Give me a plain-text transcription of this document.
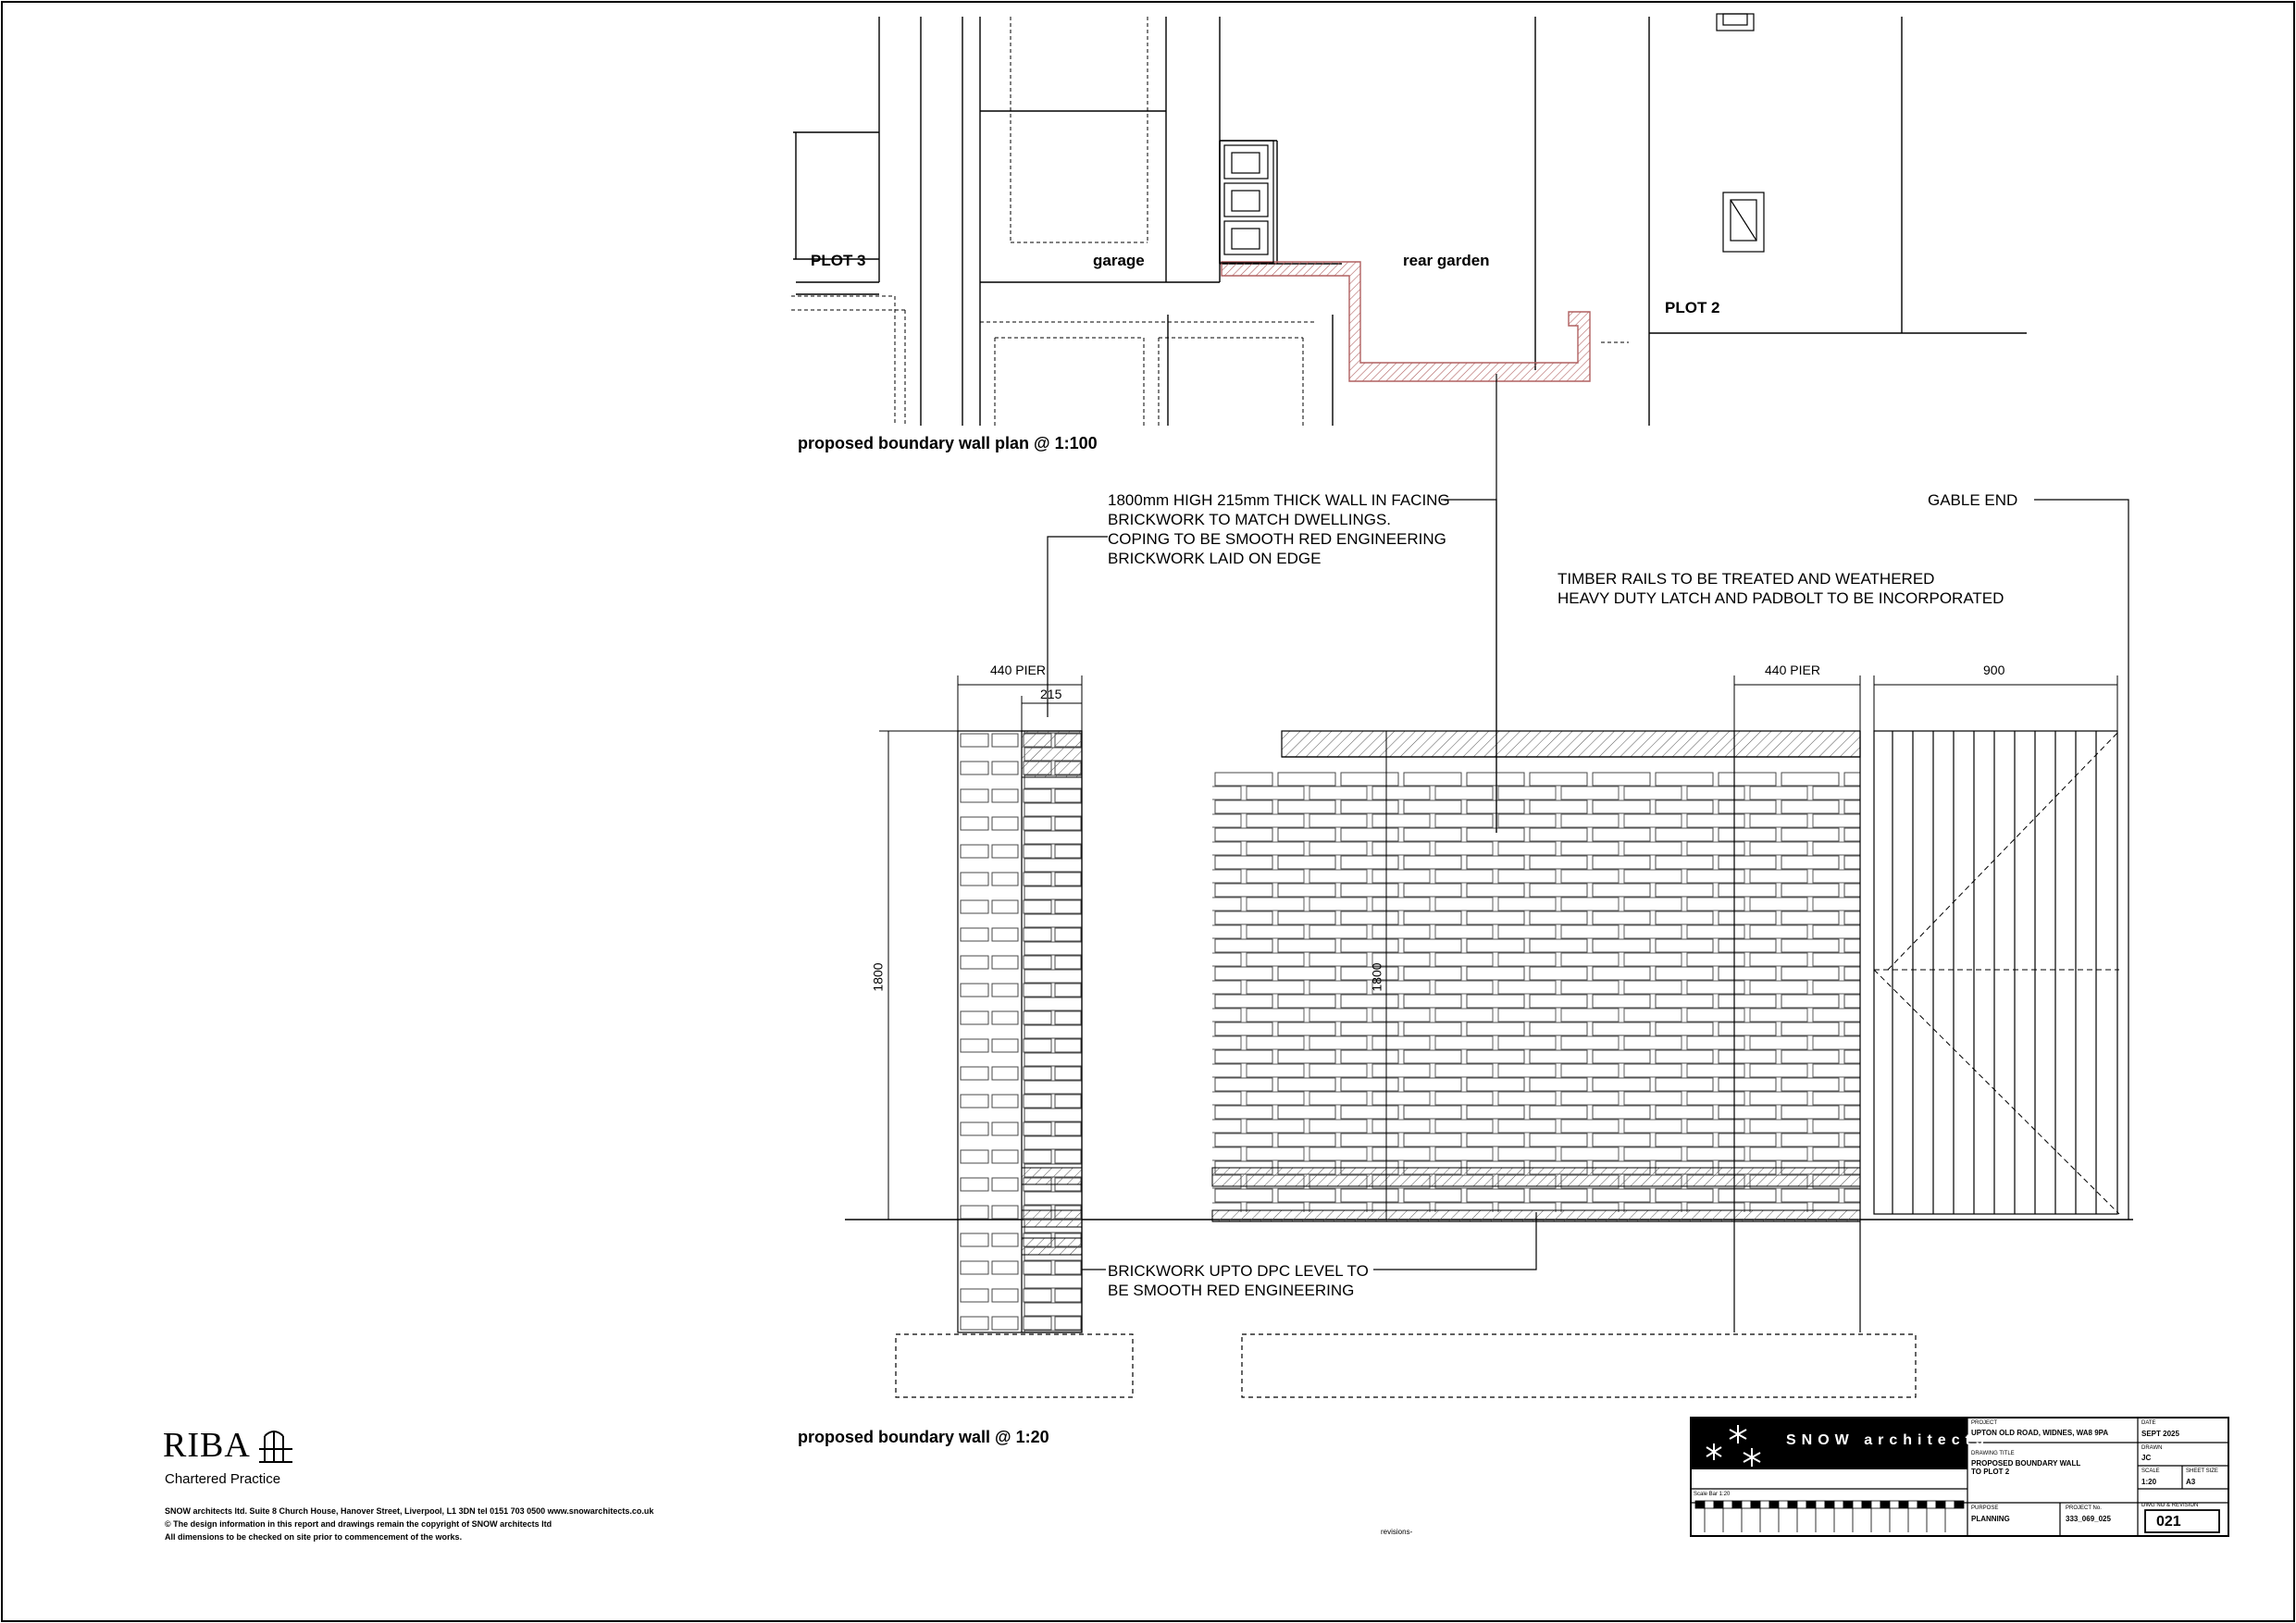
PLOT 3	garage	rear garden
PLOT 2
proposed boundary wall plan @ 1:100
1800mm HIGH 215mm THICK WALL IN FACING
BRICKWORK TO MATCH DWELLINGS.
COPING TO BE SMOOTH RED ENGINEERING
BRICKWORK LAID ON EDGE
GABLE END
TIMBER RAILS TO BE TREATED AND WEATHERED
HEAVY DUTY LATCH AND PADBOLT TO BE INCORPORATED
BRICKWORK UPTO DPC LEVEL TO
BE SMOOTH RED ENGINEERING
440 PIER
215
440 PIER	900
1800	1800
proposed boundary wall @ 1:20
RIBA
Chartered Practice
SNOW architects ltd. Suite 8 Church House, Hanover Street, Liverpool, L1 3DN tel 0151 703 0500 www.snowarchitects.co.uk
© The design information in this report and drawings remain the copyright of SNOW architects ltd
All dimensions to be checked on site prior to commencement of the works.
revisions-
SNOW architects
Scale Bar 1:20
PROJECT
UPTON OLD ROAD, WIDNES, WA8 9PA
DRAWING TITLE
PROPOSED BOUNDARY WALL
TO PLOT 2
DATE
SEPT 2025
DRAWN
JC
SCALE
1:20
SHEET SIZE
A3
PURPOSE
PLANNING
PROJECT No.
333_069_025
DWG NO & REVISION
021
